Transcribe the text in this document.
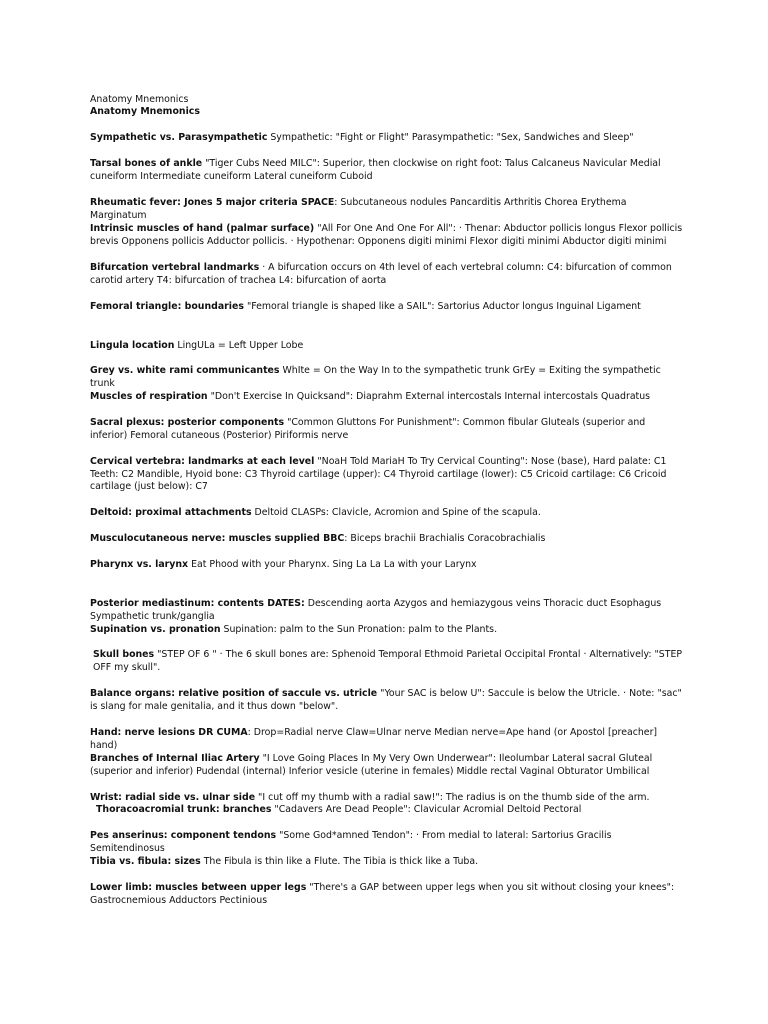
Anatomy Mnemonics
Anatomy Mnemonics

Sympathetic vs. Parasympathetic Sympathetic: "Fight or Flight" Parasympathetic: "Sex, Sandwiches and Sleep"

Tarsal bones of ankle "Tiger Cubs Need MILC": Superior, then clockwise on right foot: Talus Calcaneus Navicular Medial cuneiform Intermediate cuneiform Lateral cuneiform Cuboid

Rheumatic fever: Jones 5 major criteria SPACE: Subcutaneous nodules Pancarditis Arthritis Chorea Erythema Marginatum

Intrinsic muscles of hand (palmar surface) "All For One And One For All": · Thenar: Abductor pollicis longus Flexor pollicis brevis Opponens pollicis Adductor pollicis. · Hypothenar: Opponens digiti minimi Flexor digiti minimi Abductor digiti minimi

Bifurcation vertebral landmarks · A bifurcation occurs on 4th level of each vertebral column: C4: bifurcation of common carotid artery T4: bifurcation of trachea L4: bifurcation of aorta

Femoral triangle: boundaries "Femoral triangle is shaped like a SAIL": Sartorius Aductor longus Inguinal Ligament

Lingula location LingULa = Left Upper Lobe

Grey vs. white rami communicantes WhIte = On the Way In to the sympathetic trunk GrEy = Exiting the sympathetic trunk

Muscles of respiration "Don't Exercise In Quicksand": Diaprahm External intercostals Internal intercostals Quadratus

Sacral plexus: posterior components "Common Gluttons For Punishment": Common fibular Gluteals (superior and inferior) Femoral cutaneous (Posterior) Piriformis nerve

Cervical vertebra: landmarks at each level "NoaH Told MariaH To Try Cervical Counting": Nose (base), Hard palate: C1 Teeth: C2 Mandible, Hyoid bone: C3 Thyroid cartilage (upper): C4 Thyroid cartilage (lower): C5 Cricoid cartilage: C6 Cricoid cartilage (just below): C7

Deltoid: proximal attachments Deltoid CLASPs: Clavicle, Acromion and Spine of the scapula.

Musculocutaneous nerve: muscles supplied BBC: Biceps brachii Brachialis Coracobrachialis

Pharynx vs. larynx Eat Phood with your Pharynx. Sing La La La with your Larynx

Posterior mediastinum: contents DATES: Descending aorta Azygos and hemiazygous veins Thoracic duct Esophagus Sympathetic trunk/ganglia

Supination vs. pronation Supination: palm to the Sun Pronation: palm to the Plants.

Skull bones "STEP OF 6 " · The 6 skull bones are: Sphenoid Temporal Ethmoid Parietal Occipital Frontal · Alternatively: "STEP OFF my skull".

Balance organs: relative position of saccule vs. utricle "Your SAC is below U": Saccule is below the Utricle. · Note: "sac" is slang for male genitalia, and it thus down "below".

Hand: nerve lesions DR CUMA: Drop=Radial nerve Claw=Ulnar nerve Median nerve=Ape hand (or Apostol [preacher] hand)

Branches of Internal Iliac Artery "I Love Going Places In My Very Own Underwear": Ileolumbar Lateral sacral Gluteal (superior and inferior) Pudendal (internal) Inferior vesicle (uterine in females) Middle rectal Vaginal Obturator Umbilical

Wrist: radial side vs. ulnar side "I cut off my thumb with a radial saw!": The radius is on the thumb side of the arm.

Thoracoacromial trunk: branches "Cadavers Are Dead People": Clavicular Acromial Deltoid Pectoral

Pes anserinus: component tendons "Some God*amned Tendon": · From medial to lateral: Sartorius Gracilis Semitendinosus

Tibia vs. fibula: sizes The Fibula is thin like a Flute. The Tibia is thick like a Tuba.

Lower limb: muscles between upper legs "There's a GAP between upper legs when you sit without closing your knees": Gastrocnemious Adductors Pectinious
